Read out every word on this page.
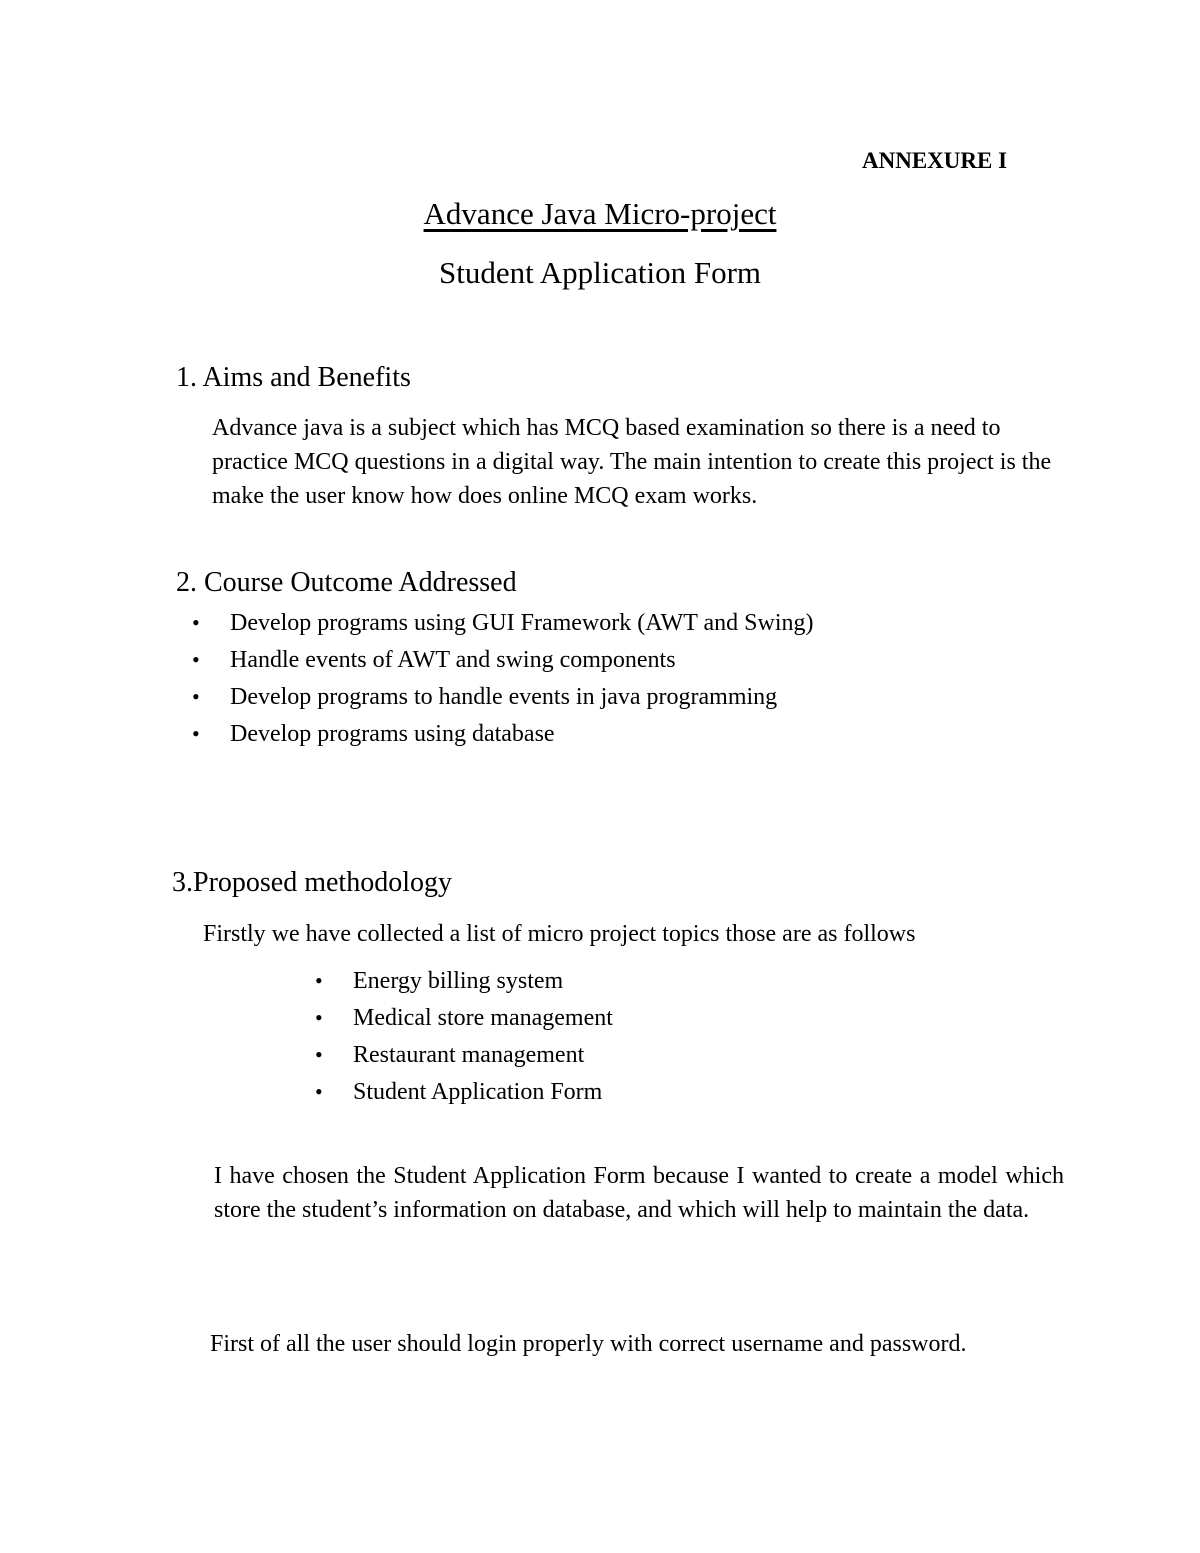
ANNEXURE I
Advance Java Micro-project
Student Application Form
1. Aims and Benefits
Advance java is a subject which has MCQ based examination so there is a need to practice MCQ questions in a digital way. The main intention to create this project is the make the user know how does online MCQ exam works.
2. Course Outcome Addressed
• Develop programs using GUI Framework (AWT and Swing)
• Handle events of AWT and swing components
• Develop programs to handle events in java programming
• Develop programs using database
3.Proposed methodology
Firstly we have collected a list of micro project topics those are as follows
• Energy billing system
• Medical store management
• Restaurant management
• Student Application Form
I have chosen the Student Application Form because I wanted to create a model which store the student’s information on database, and which will help to maintain the data.
First of all the user should login properly with correct username and password.
